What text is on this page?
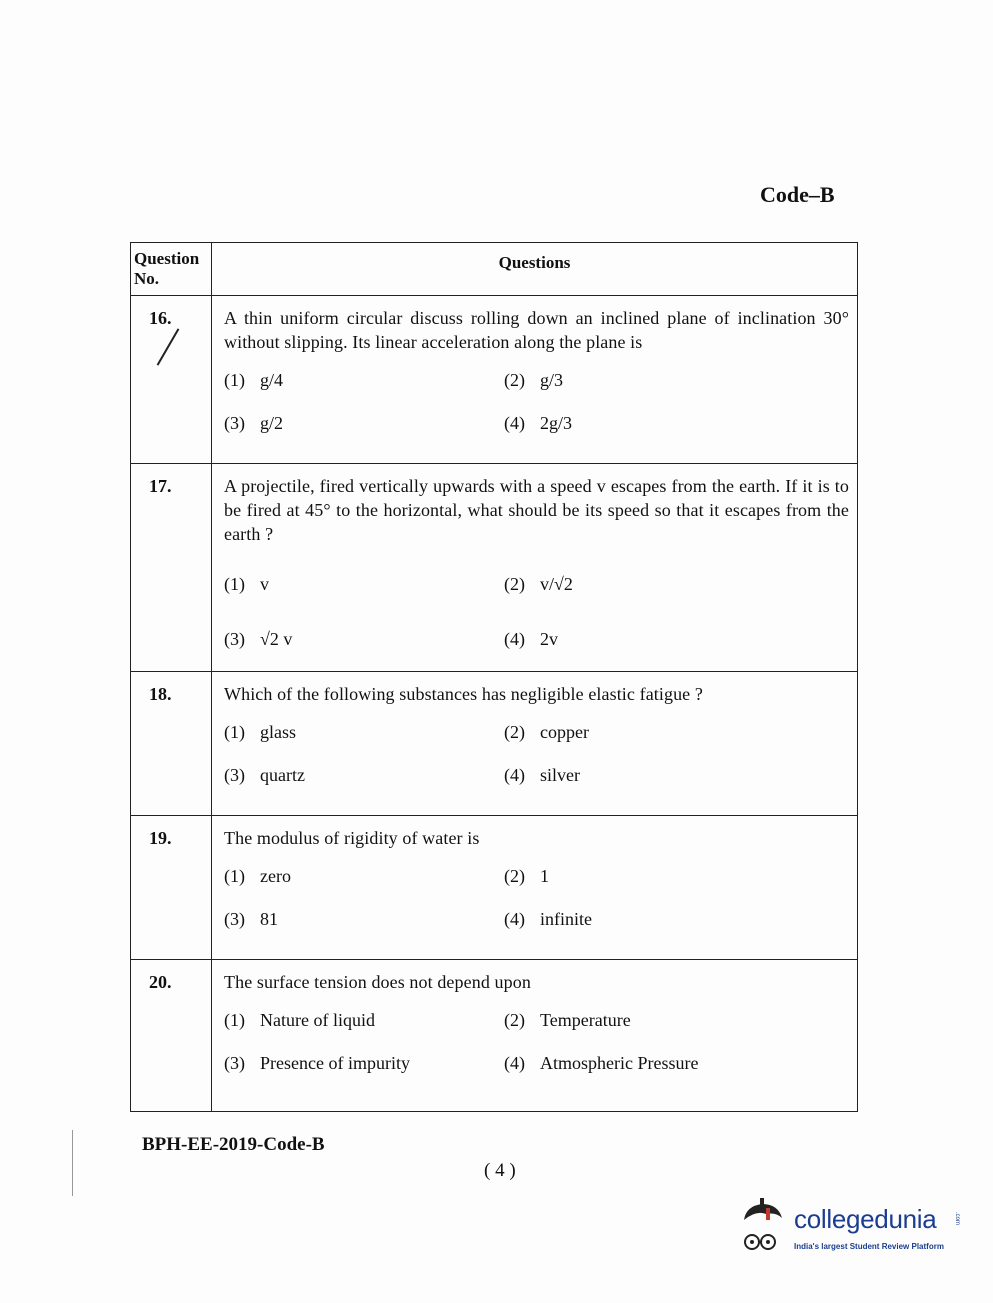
Code–B
Question No.	Questions
16.	A thin uniform circular discuss rolling down an inclined plane of inclination 30° without slipping. Its linear acceleration along the plane is

(1) g/4 (2) g/3
(3) g/2 (4) 2g/3

17.	A projectile, fired vertically upwards with a speed v escapes from the earth. If it is to be fired at 45° to the horizontal, what should be its speed so that it escapes from the earth ?

(1) v (2) v/√2
(3) √2 v (4) 2v

18.	Which of the following substances has negligible elastic fatigue ?

(1) glass (2) copper
(3) quartz (4) silver

19.	The modulus of rigidity of water is

(1) zero (2) 1
(3) 81 (4) infinite

20.	The surface tension does not depend upon

(1) Nature of liquid (2) Temperature
(3) Presence of impurity (4) Atmospheric Pressure
BPH-EE-2019-Code-B
( 4 )
collegedunia	.com
India's largest Student Review Platform
